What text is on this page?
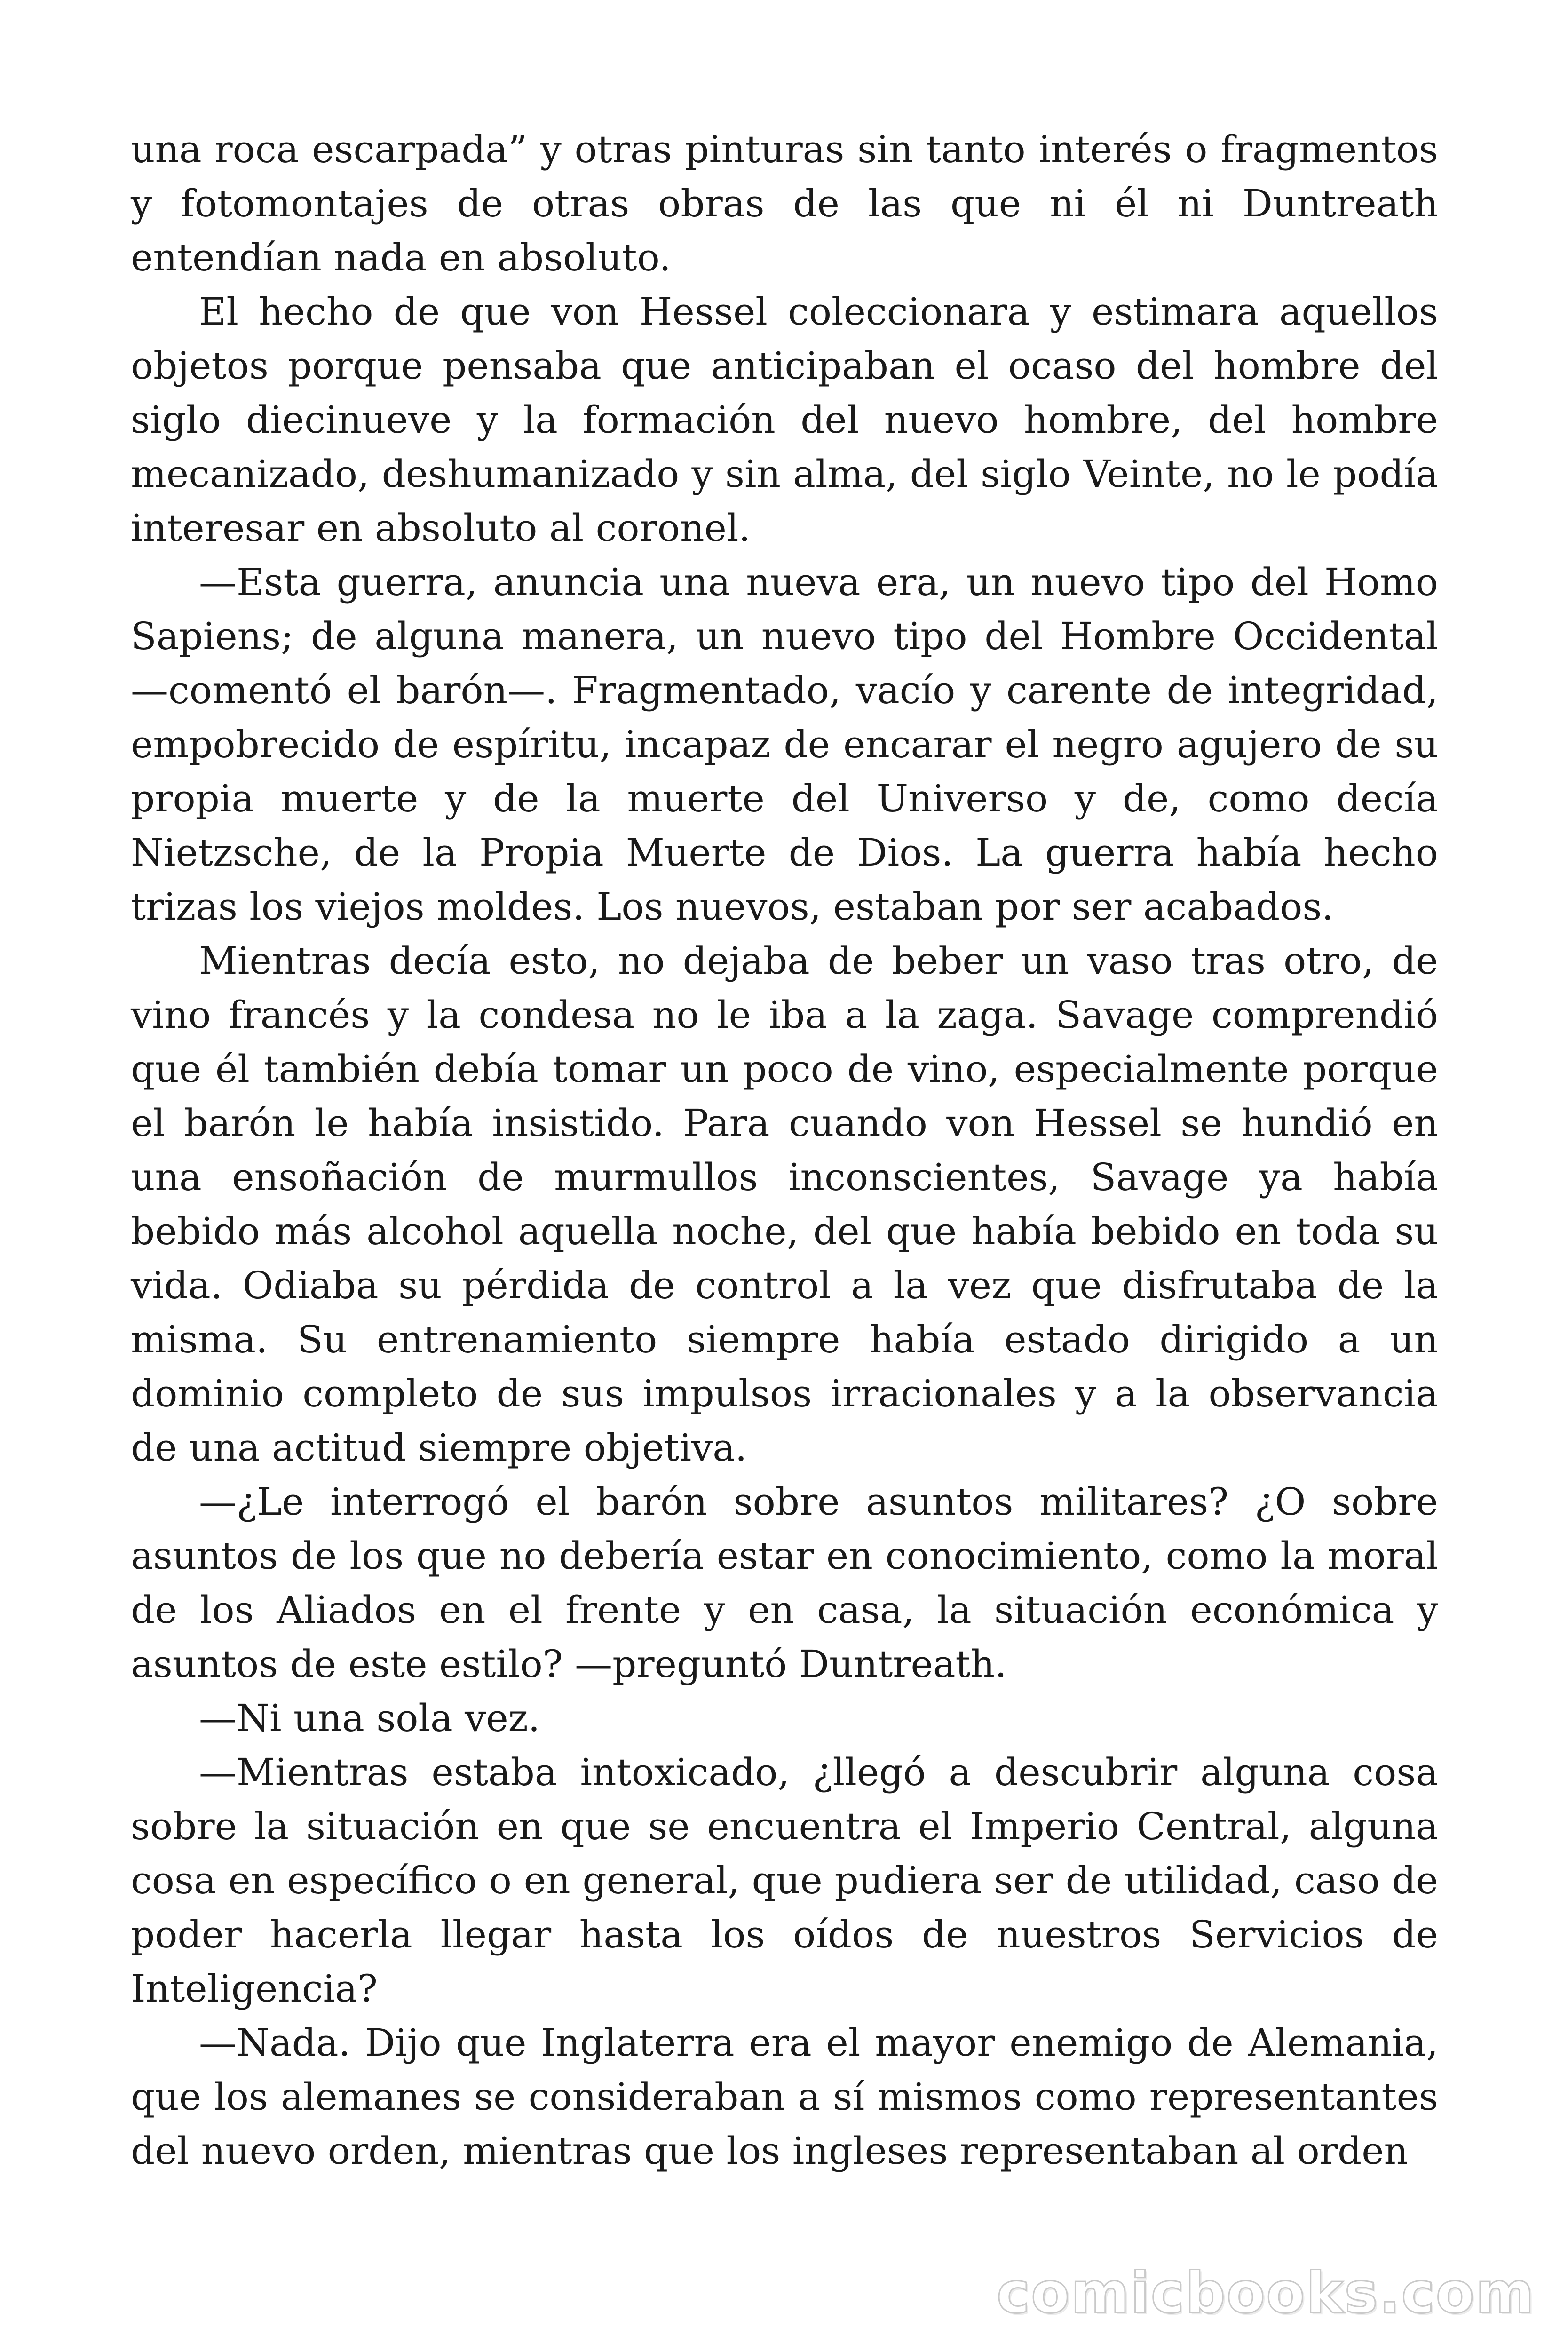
una roca escarpada” y otras pinturas sin tanto interés o fragmentos y fotomontajes de otras obras de las que ni él ni Duntreath entendían nada en absoluto.

El hecho de que von Hessel coleccionara y estimara aquellos objetos porque pensaba que anticipaban el ocaso del hombre del siglo diecinueve y la formación del nuevo hombre, del hombre mecanizado, deshumanizado y sin alma, del siglo Veinte, no le podía interesar en absoluto al coronel.

—Esta guerra, anuncia una nueva era, un nuevo tipo del Homo Sapiens; de alguna manera, un nuevo tipo del Hombre Occidental —comentó el barón—. Fragmentado, vacío y carente de integridad, empobrecido de espíritu, incapaz de encarar el negro agujero de su propia muerte y de la muerte del Universo y de, como decía Nietzsche, de la Propia Muerte de Dios. La guerra había hecho trizas los viejos moldes. Los nuevos, estaban por ser acabados.

Mientras decía esto, no dejaba de beber un vaso tras otro, de vino francés y la condesa no le iba a la zaga. Savage comprendió que él también debía tomar un poco de vino, especialmente porque el barón le había insistido. Para cuando von Hessel se hundió en una ensoñación de murmullos inconscientes, Savage ya había bebido más alcohol aquella noche, del que había bebido en toda su vida. Odiaba su pérdida de control a la vez que disfrutaba de la misma. Su entrenamiento siempre había estado dirigido a un dominio completo de sus impulsos irracionales y a la observancia de una actitud siempre objetiva.

—¿Le interrogó el barón sobre asuntos militares? ¿O sobre asuntos de los que no debería estar en conocimiento, como la moral de los Aliados en el frente y en casa, la situación económica y asuntos de este estilo? —preguntó Duntreath.

—Ni una sola vez.

—Mientras estaba intoxicado, ¿llegó a descubrir alguna cosa sobre la situación en que se encuentra el Imperio Central, alguna cosa en específico o en general, que pudiera ser de utilidad, caso de poder hacerla llegar hasta los oídos de nuestros Servicios de Inteligencia?

—Nada. Dijo que Inglaterra era el mayor enemigo de Alemania, que los alemanes se consideraban a sí mismos como representantes del nuevo orden, mientras que los ingleses representaban al orden

comicbooks.com
